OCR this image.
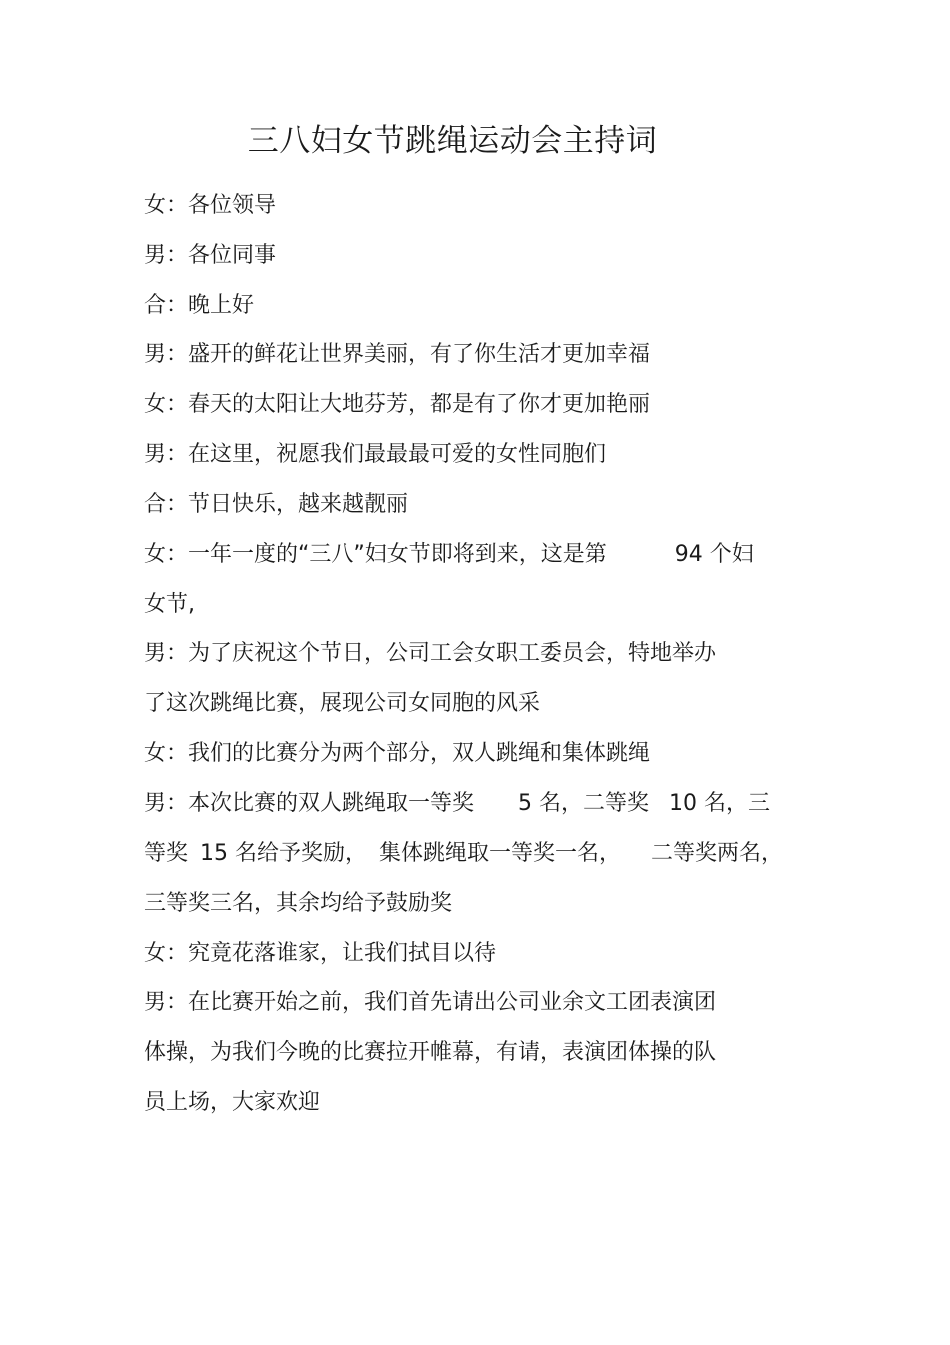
三八妇女节跳绳运动会主持词

女：各位领导

男：各位同事

合：晚上好

男：盛开的鲜花让世界美丽，有了你生活才更加幸福

女：春天的太阳让大地芬芳，都是有了你才更加艳丽

男：在这里，祝愿我们最最最可爱的女性同胞们

合：节日快乐，越来越靓丽

女：一年一度的“三八”妇女节即将到来，这是第	94 个妇

女节,

男：为了庆祝这个节日，公司工会女职工委员会，特地举办

了这次跳绳比赛，展现公司女同胞的风采

女：我们的比赛分为两个部分，双人跳绳和集体跳绳

男：本次比赛的双人跳绳取一等奖 5 名，二等奖 10 名，三

等奖 15 名给予奖励， 集体跳绳取一等奖一名， 二等奖两名，

三等奖三名，其余均给予鼓励奖

女：究竟花落谁家，让我们拭目以待

男：在比赛开始之前，我们首先请出公司业余文工团表演团

体操，为我们今晚的比赛拉开帷幕，有请，表演团体操的队

员上场，大家欢迎
